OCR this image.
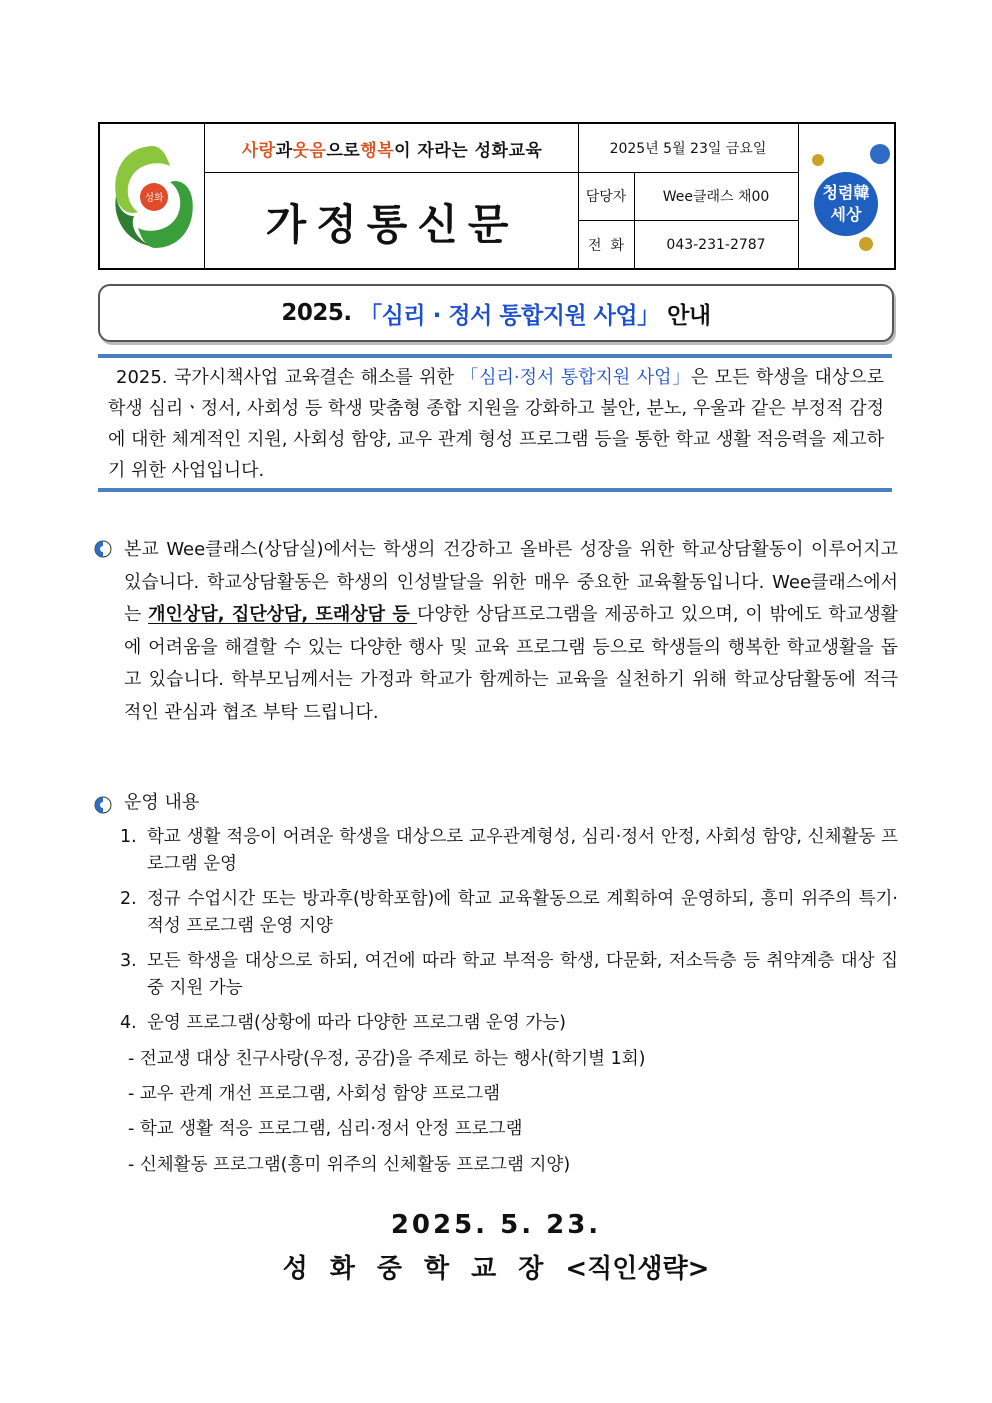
성화
사랑 과 웃음 으로 행복 이 자라는 성화교육
가정통신문
2025년 5월 23일 금요일
담당자	Wee클래스 채00
전  화	043-231-2787
청렴韓
세상
2025. 「심리 · 정서 통합지원 사업」 안내
2025. 국가시책사업 교육결손 해소를 위한 「심리·정서 통합지원 사업」은 모든 학생을 대상으로 학생 심리ㆍ정서, 사회성 등 학생 맞춤형 종합 지원을 강화하고 불안, 분노, 우울과 같은 부정적 감정에 대한 체계적인 지원, 사회성 함양, 교우 관계 형성 프로그램 등을 통한 학교 생활 적응력을 제고하기 위한 사업입니다.
본교 Wee클래스(상담실)에서는 학생의 건강하고 올바른 성장을 위한 학교상담활동이 이루어지고 있습니다. 학교상담활동은 학생의 인성발달을 위한 매우 중요한 교육활동입니다. Wee클래스에서는 개인상담, 집단상담, 또래상담 등 다양한 상담프로그램을 제공하고 있으며, 이 밖에도 학교생활에 어려움을 해결할 수 있는 다양한 행사 및 교육 프로그램 등으로 학생들의 행복한 학교생활을 돕고 있습니다. 학부모님께서는 가정과 학교가 함께하는 교육을 실천하기 위해 학교상담활동에 적극적인 관심과 협조 부탁 드립니다.
운영 내용
1. 학교 생활 적응이 어려운 학생을 대상으로 교우관계형성, 심리·정서 안정, 사회성 함양, 신체활동 프로그램 운영
2. 정규 수업시간 또는 방과후(방학포함)에 학교 교육활동으로 계획하여 운영하되, 흥미 위주의 특기·적성 프로그램 운영 지양
3. 모든 학생을 대상으로 하되, 여건에 따라 학교 부적응 학생, 다문화, 저소득층 등 취약계층 대상 집중 지원 가능
4. 운영 프로그램(상황에 따라 다양한 프로그램 운영 가능)
- 전교생 대상 친구사랑(우정, 공감)을 주제로 하는 행사(학기별 1회)
- 교우 관계 개선 프로그램, 사회성 함양 프로그램
- 학교 생활 적응 프로그램, 심리·정서 안정 프로그램
- 신체활동 프로그램(흥미 위주의 신체활동 프로그램 지양)
2025. 5. 23.
성화중학교장<직인생략>
